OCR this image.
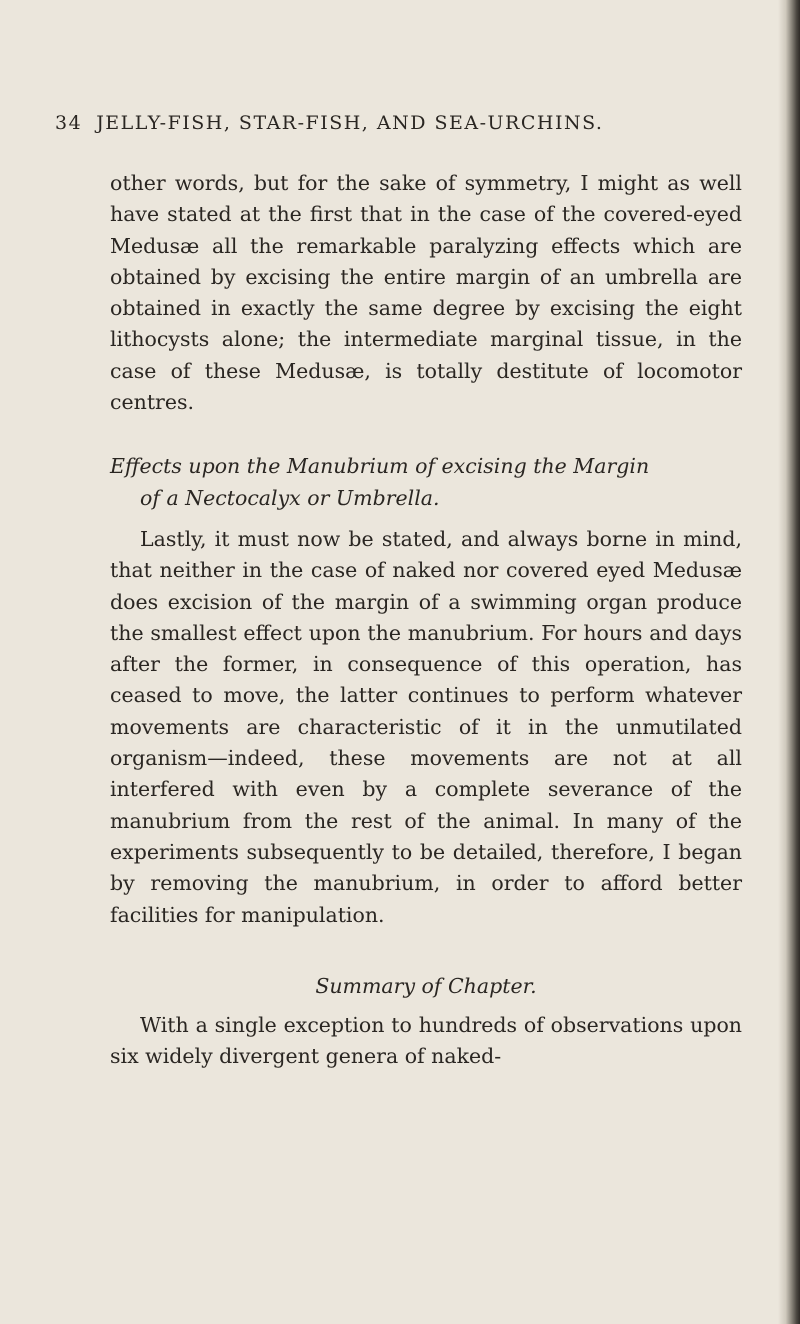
34 JELLY-FISH, STAR-FISH, AND SEA-URCHINS.

other words, but for the sake of symmetry, I might as well have stated at the first that in the case of the covered-eyed Medusæ all the remarkable paralyzing effects which are obtained by excising the entire margin of an umbrella are obtained in exactly the same degree by excising the eight lithocysts alone; the intermediate marginal tissue, in the case of these Medusæ, is totally destitute of locomotor centres.

Effects upon the Manubrium of excising the Margin
of a Nectocalyx or Umbrella.

Lastly, it must now be stated, and always borne in mind, that neither in the case of naked nor covered eyed Medusæ does excision of the margin of a swimming organ produce the smallest effect upon the manubrium. For hours and days after the former, in consequence of this operation, has ceased to move, the latter continues to perform whatever movements are characteristic of it in the unmutilated organism—indeed, these movements are not at all interfered with even by a complete severance of the manubrium from the rest of the animal. In many of the experiments subsequently to be detailed, therefore, I began by removing the manubrium, in order to afford better facilities for manipulation.

Summary of Chapter.

With a single exception to hundreds of observations upon six widely divergent genera of naked-
